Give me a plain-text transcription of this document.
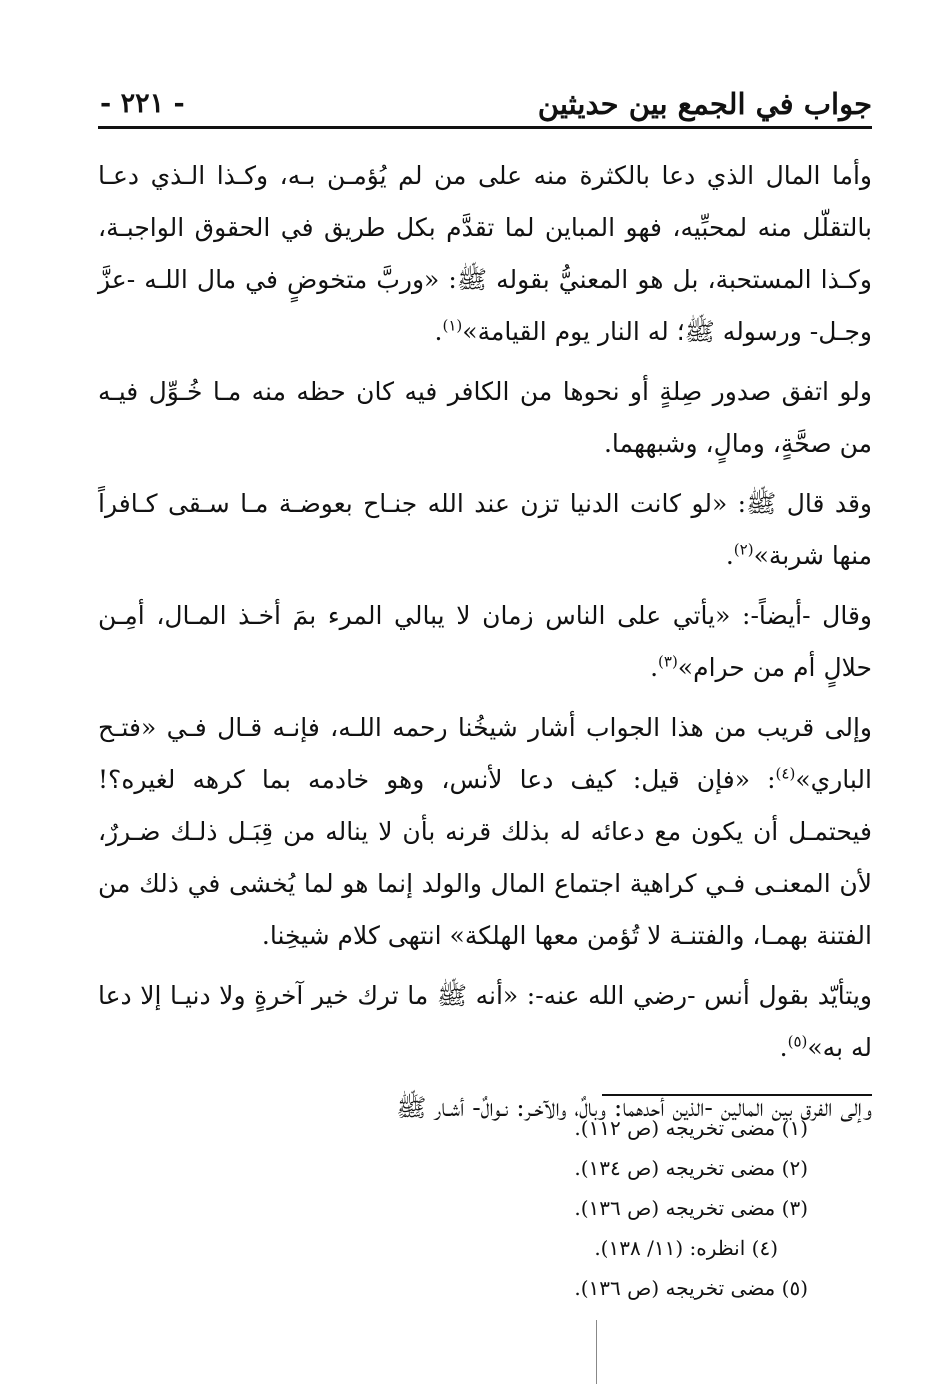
جواب في الجمع بين حديثين
- ٢٢١ -

وأما المال الذي دعا بالكثرة منه على من لم يُؤمـن بـه، وكـذا الـذي دعـا بالتقلّل منه لمحبِّيه، فهو المباين لما تقدَّم بكل طريق في الحقوق الواجبـة، وكـذا المستحبة، بل هو المعنيُّ بقوله ﷺ: «وربَّ متخوضٍ في مال اللـه -عزَّ وجـل- ورسوله ﷺ؛ له النار يوم القيامة»$^{(١)}$.

ولو اتفق صدور صِلةٍ أو نحوها من الكافر فيه كان حظه منه مـا خُـوِّل فيـه من صحَّةٍ، ومالٍ، وشبههما.

وقد قال ﷺ: «لو كانت الدنيا تزن عند الله جنـاح بعوضـة مـا سـقى كـافراً منها شربة»$^{(٢)}$.

وقال -أيضاً-: «يأتي على الناس زمان لا يبالي المرء بمَ أخـذ المـال، أمِـن حلالٍ أم من حرام»$^{(٣)}$.

وإلى قريب من هذا الجواب أشار شيخُنا رحمه اللـه، فإنـه قـال فـي «فتـح الباري»$^{(٤)}$: «فإن قيل: كيف دعا لأنس، وهو خادمه بما كرهه لغيره؟! فيحتمـل أن يكون مع دعائه له بذلك قرنه بأن لا يناله من قِبَـل ذلـك ضـررٌ، لأن المعنـى فـي كراهية اجتماع المال والولد إنما هو لما يُخشى في ذلك من الفتنة بهمـا، والفتنـة لا تُؤمن معها الهلكة» انتهى كلام شيخِنا.

ويتأيّد بقول أنس -رضي الله عنه-: «أنه ﷺ ما ترك خير آخرةٍ ولا دنيـا إلا دعا له به»$^{(٥)}$.

وإلى الفرق بين المالين -الذين أحدهما: وبالٌ، والآخـر: نـوالٌ- أشـار ﷺ

(١) مضى تخريجه (ص ١١٢).
(٢) مضى تخريجه (ص ١٣٤).
(٣) مضى تخريجه (ص ١٣٦).
(٤) انظره: (١١/ ١٣٨).
(٥) مضى تخريجه (ص ١٣٦).
